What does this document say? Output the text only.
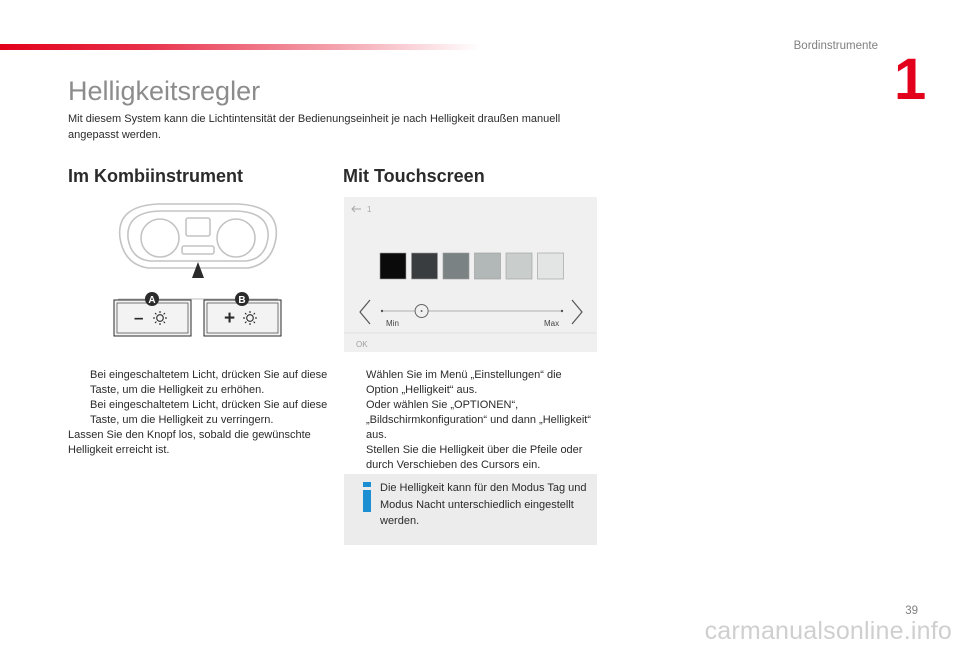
Bordinstrumente
1
Helligkeitsregler
Mit diesem System kann die Lichtintensität der Bedienungseinheit je nach Helligkeit draußen manuell angepasst werden.
Im Kombiinstrument	Mit Touchscreen
–	+
A	B
1
Min	Max
OK
Bei eingeschaltetem Licht, drücken Sie auf diese Taste, um die Helligkeit zu erhöhen.
Bei eingeschaltetem Licht, drücken Sie auf diese Taste, um die Helligkeit zu verringern.
Lassen Sie den Knopf los, sobald die gewünschte Helligkeit erreicht ist.
Wählen Sie im Menü „Einstellungen“ die Option „Helligkeit“ aus.
Oder wählen Sie „OPTIONEN“, „Bildschirmkonfiguration“ und dann „Helligkeit“ aus.
Stellen Sie die Helligkeit über die Pfeile oder durch Verschieben des Cursors ein.
Die Helligkeit kann für den Modus Tag und Modus Nacht unterschiedlich eingestellt werden.
39
carmanualsonline.info
